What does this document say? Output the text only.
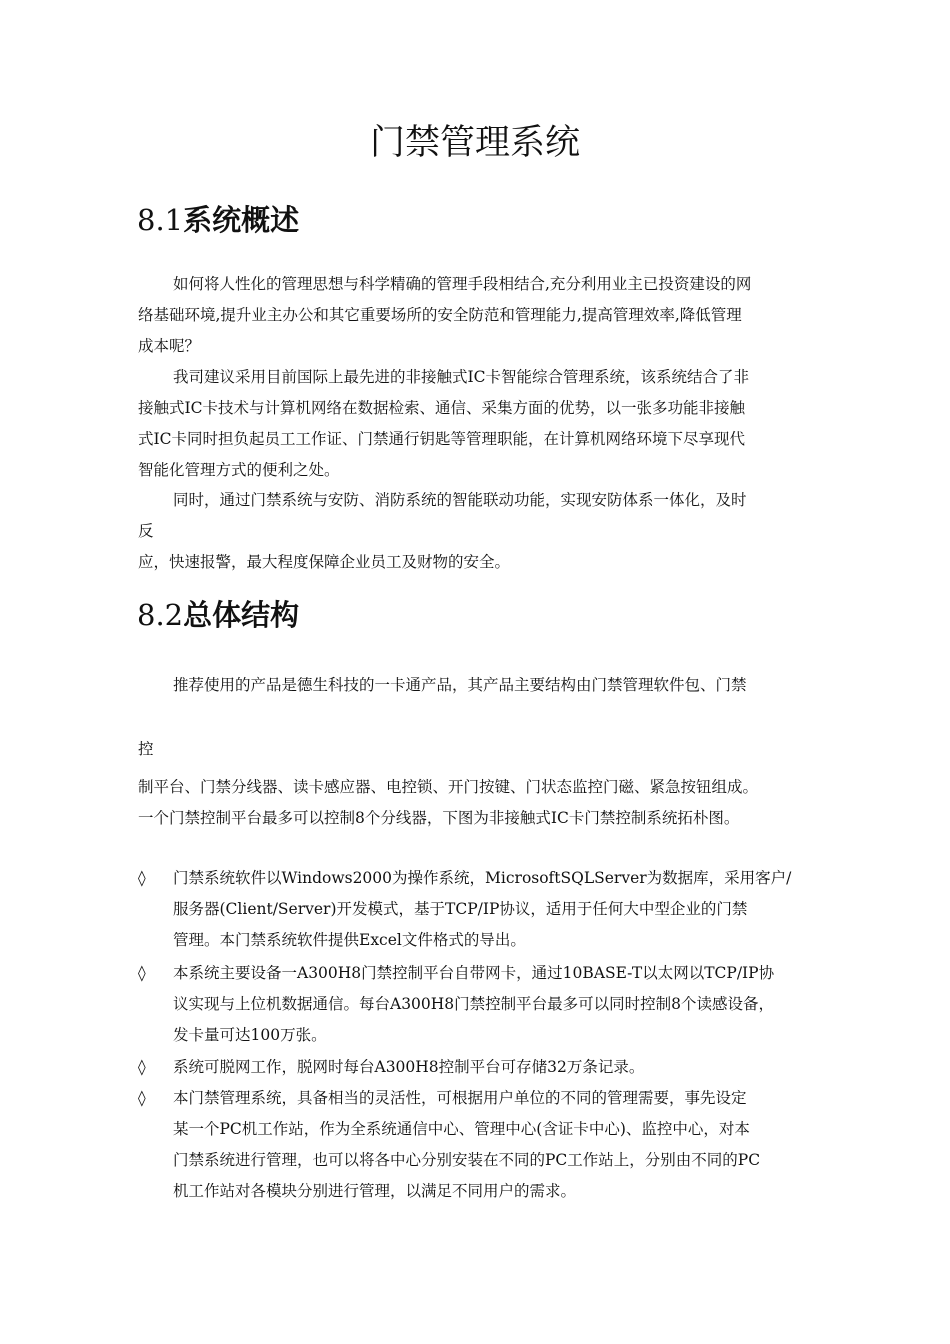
门禁管理系统
8.1系统概述
如何将人性化的管理思想与科学精确的管理手段相结合,充分利用业主已投资建设的网
络基础环境,提升业主办公和其它重要场所的安全防范和管理能力,提高管理效率,降低管理
成本呢？
我司建议采用目前国际上最先进的非接触式IC卡智能综合管理系统，该系统结合了非
接触式IC卡技术与计算机网络在数据检索、通信、采集方面的优势，以一张多功能非接触
式IC卡同时担负起员工工作证、门禁通行钥匙等管理职能，在计算机网络环境下尽享现代
智能化管理方式的便利之处。
同时，通过门禁系统与安防、消防系统的智能联动功能，实现安防体系一体化，及时
反
应，快速报警，最大程度保障企业员工及财物的安全。
8.2总体结构
推荐使用的产品是德生科技的一卡通产品，其产品主要结构由门禁管理软件包、门禁
控
制平台、门禁分线器、读卡感应器、电控锁、开门按键、门状态监控门磁、紧急按钮组成。
一个门禁控制平台最多可以控制8个分线器，下图为非接触式IC卡门禁控制系统拓朴图。
◊	门禁系统软件以Windows2000为操作系统，MicrosoftSQLServer为数据库，采用客户/
服务器(Client/Server)开发模式，基于TCP/IP协议，适用于任何大中型企业的门禁
管理。本门禁系统软件提供Excel文件格式的导出。
◊	本系统主要设备一A300H8门禁控制平台自带网卡，通过10BASE-T以太网以TCP/IP协
议实现与上位机数据通信。每台A300H8门禁控制平台最多可以同时控制8个读感设备，
发卡量可达100万张。
◊	系统可脱网工作，脱网时每台A300H8控制平台可存储32万条记录。
◊	本门禁管理系统，具备相当的灵活性，可根据用户单位的不同的管理需要，事先设定
某一个PC机工作站，作为全系统通信中心、管理中心(含证卡中心)、监控中心，对本
门禁系统进行管理，也可以将各中心分别安装在不同的PC工作站上，分别由不同的PC
机工作站对各模块分别进行管理，以满足不同用户的需求。
